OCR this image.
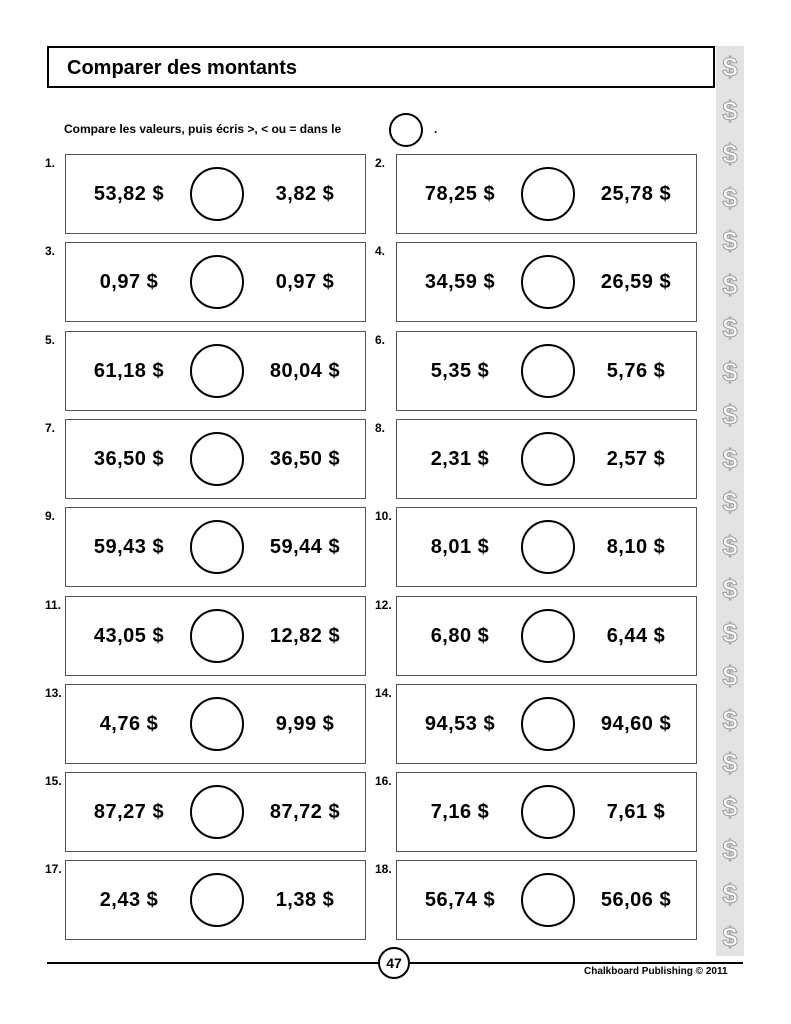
Comparer des montants	$
$
$
$
$
$
$
$
$
$
$
$
$
$
$
$
$
$
$
$
$
Compare les valeurs, puis écris >, < ou = dans le	.
1.
53,82 $	3,82 $
2.
78,25 $	25,78 $
3.
0,97 $	0,97 $
4.
34,59 $	26,59 $
5.
61,18 $	80,04 $
6.
5,35 $	5,76 $
7.
36,50 $	36,50 $
8.
2,31 $	2,57 $
9.
59,43 $	59,44 $
10.
8,01 $	8,10 $
11.
43,05 $	12,82 $
12.
6,80 $	6,44 $
13.
4,76 $	9,99 $
14.
94,53 $	94,60 $
15.
87,27 $	87,72 $
16.
7,16 $	7,61 $
17.
2,43 $	1,38 $
18.
56,74 $	56,06 $
47
Chalkboard Publishing © 2011
